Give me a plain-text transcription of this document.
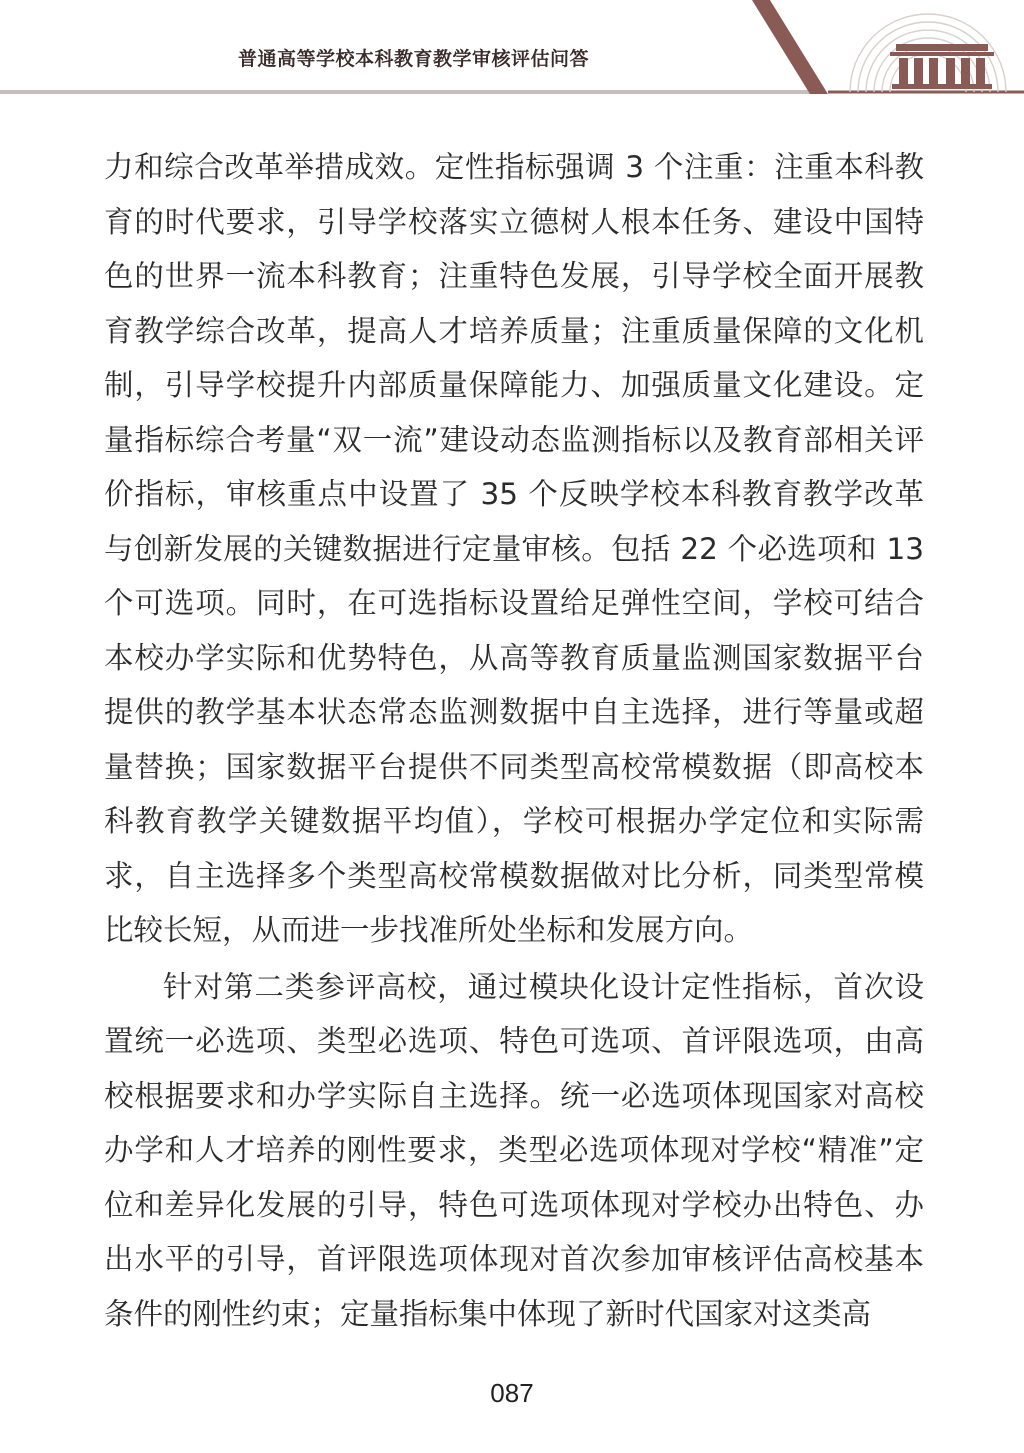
普通高等学校本科教育教学审核评估问答

力和综合改革举措成效。定性指标强调 3 个注重：注重本科教育的时代要求，引导学校落实立德树人根本任务、建设中国特色的世界一流本科教育；注重特色发展，引导学校全面开展教育教学综合改革，提高人才培养质量；注重质量保障的文化机制，引导学校提升内部质量保障能力、加强质量文化建设。定量指标综合考量“双一流”建设动态监测指标以及教育部相关评价指标，审核重点中设置了 35 个反映学校本科教育教学改革与创新发展的关键数据进行定量审核。包括 22 个必选项和 13 个可选项。同时，在可选指标设置给足弹性空间，学校可结合本校办学实际和优势特色，从高等教育质量监测国家数据平台提供的教学基本状态常态监测数据中自主选择，进行等量或超量替换；国家数据平台提供不同类型高校常模数据（即高校本科教育教学关键数据平均值），学校可根据办学定位和实际需求，自主选择多个类型高校常模数据做对比分析，同类型常模比较长短，从而进一步找准所处坐标和发展方向。

针对第二类参评高校，通过模块化设计定性指标，首次设置统一必选项、类型必选项、特色可选项、首评限选项，由高校根据要求和办学实际自主选择。统一必选项体现国家对高校办学和人才培养的刚性要求，类型必选项体现对学校“精准”定位和差异化发展的引导，特色可选项体现对学校办出特色、办出水平的引导，首评限选项体现对首次参加审核评估高校基本条件的刚性约束；定量指标集中体现了新时代国家对这类高

087
